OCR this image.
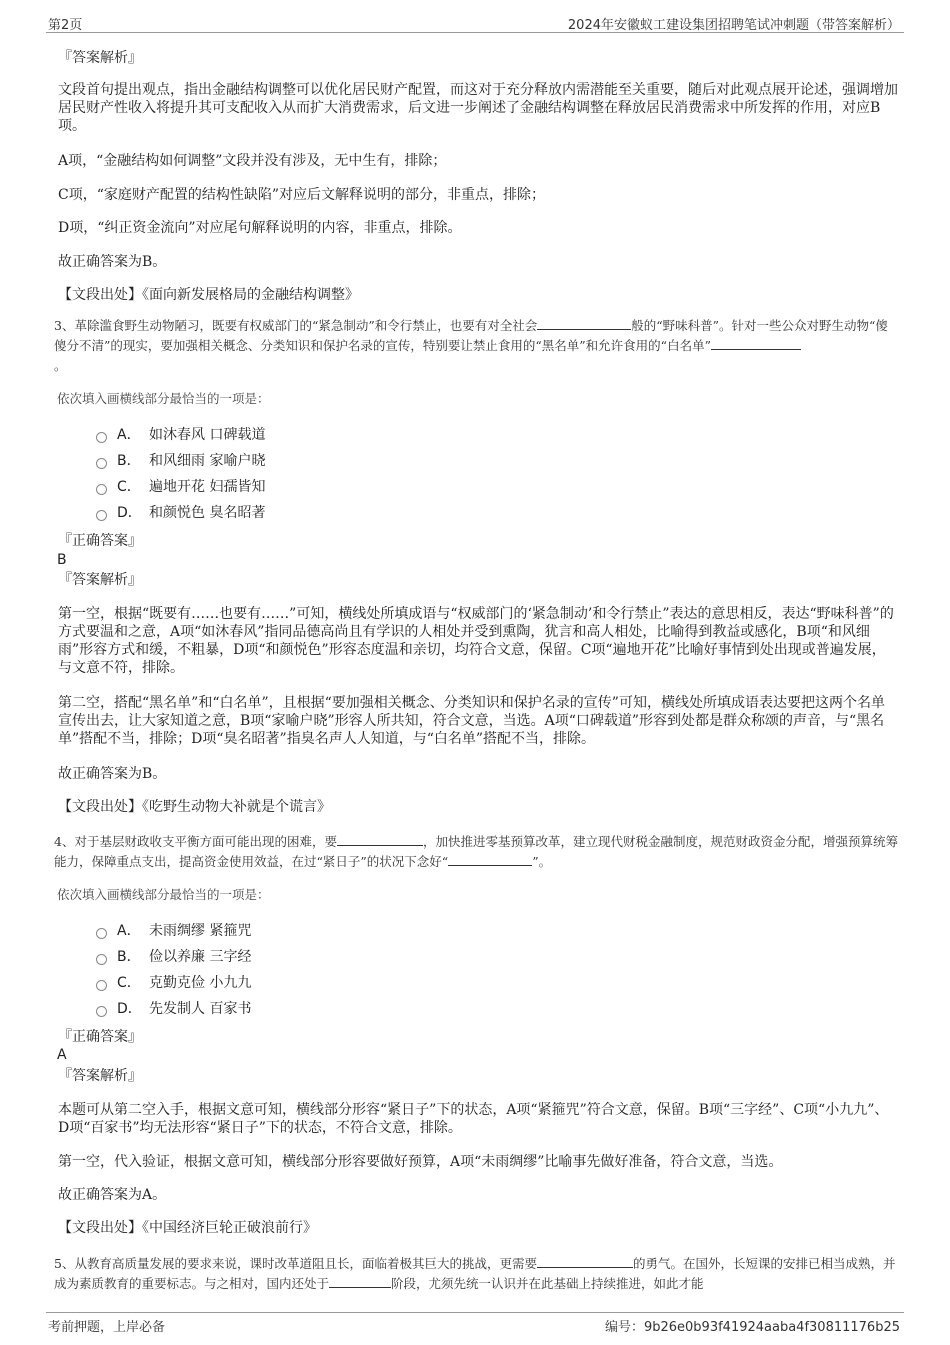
第2页	2024年安徽蚁工建设集团招聘笔试冲刺题（带答案解析）
『答案解析』
文段首句提出观点，指出金融结构调整可以优化居民财产配置，而这对于充分释放内需潜能至关重要，随后对此观点展开论述，强调增加居民财产性收入将提升其可支配收入从而扩大消费需求，后文进一步阐述了金融结构调整在释放居民消费需求中所发挥的作用，对应B项。
A项，“金融结构如何调整”文段并没有涉及，无中生有，排除；
C项，“家庭财产配置的结构性缺陷”对应后文解释说明的部分，非重点，排除；
D项，“纠正资金流向”对应尾句解释说明的内容，非重点，排除。
故正确答案为B。
【文段出处】《面向新发展格局的金融结构调整》
3、革除滥食野生动物陋习，既要有权威部门的“紧急制动”和令行禁止，也要有对全社会	般的“野味科普”。针对一些公众对野生动物“傻傻分不清”的现实，要加强相关概念、分类知识和保护名录的宣传，特别要让禁止食用的“黑名单”和允许食用的“白名单”
。
依次填入画横线部分最恰当的一项是：
A． 如沐春风 口碑载道
B． 和风细雨 家喻户晓
C． 遍地开花 妇孺皆知
D． 和颜悦色 臭名昭著
『正确答案』
B
『答案解析』
第一空，根据“既要有……也要有……”可知，横线处所填成语与“权威部门的‘紧急制动’和令行禁止”表达的意思相反，表达“野味科普”的方式要温和之意，A项“如沐春风”指同品德高尚且有学识的人相处并受到熏陶，犹言和高人相处，比喻得到教益或感化，B项“和风细雨”形容方式和缓，不粗暴，D项“和颜悦色”形容态度温和亲切，均符合文意，保留。C项“遍地开花”比喻好事情到处出现或普遍发展，与文意不符，排除。
第二空，搭配“黑名单”和“白名单”，且根据“要加强相关概念、分类知识和保护名录的宣传”可知，横线处所填成语表达要把这两个名单宣传出去，让大家知道之意，B项“家喻户晓”形容人所共知，符合文意，当选。A项“口碑载道”形容到处都是群众称颂的声音，与“黑名单”搭配不当，排除；D项“臭名昭著”指臭名声人人知道，与“白名单”搭配不当，排除。
故正确答案为B。
【文段出处】《吃野生动物大补就是个谎言》
4、对于基层财政收支平衡方面可能出现的困难，要	，加快推进零基预算改革，建立现代财税金融制度，规范财政资金分配，增强预算统筹能力，保障重点支出，提高资金使用效益，在过“紧日子”的状况下念好“	”。
依次填入画横线部分最恰当的一项是：
A． 未雨绸缪 紧箍咒
B． 俭以养廉 三字经
C． 克勤克俭 小九九
D． 先发制人 百家书
『正确答案』
A
『答案解析』
本题可从第二空入手，根据文意可知，横线部分形容“紧日子”下的状态，A项“紧箍咒”符合文意，保留。B项“三字经”、C项“小九九”、D项“百家书”均无法形容“紧日子”下的状态，不符合文意，排除。
第一空，代入验证，根据文意可知，横线部分形容要做好预算，A项“未雨绸缪”比喻事先做好准备，符合文意，当选。
故正确答案为A。
【文段出处】《中国经济巨轮正破浪前行》
5、从教育高质量发展的要求来说，课时改革道阻且长，面临着极其巨大的挑战，更需要	的勇气。在国外，长短课的安排已相当成熟，并成为素质教育的重要标志。与之相对，国内还处于	阶段，尤须先统一认识并在此基础上持续推进，如此才能
考前押题，上岸必备	编号：9b26e0b93f41924aaba4f30811176b25
